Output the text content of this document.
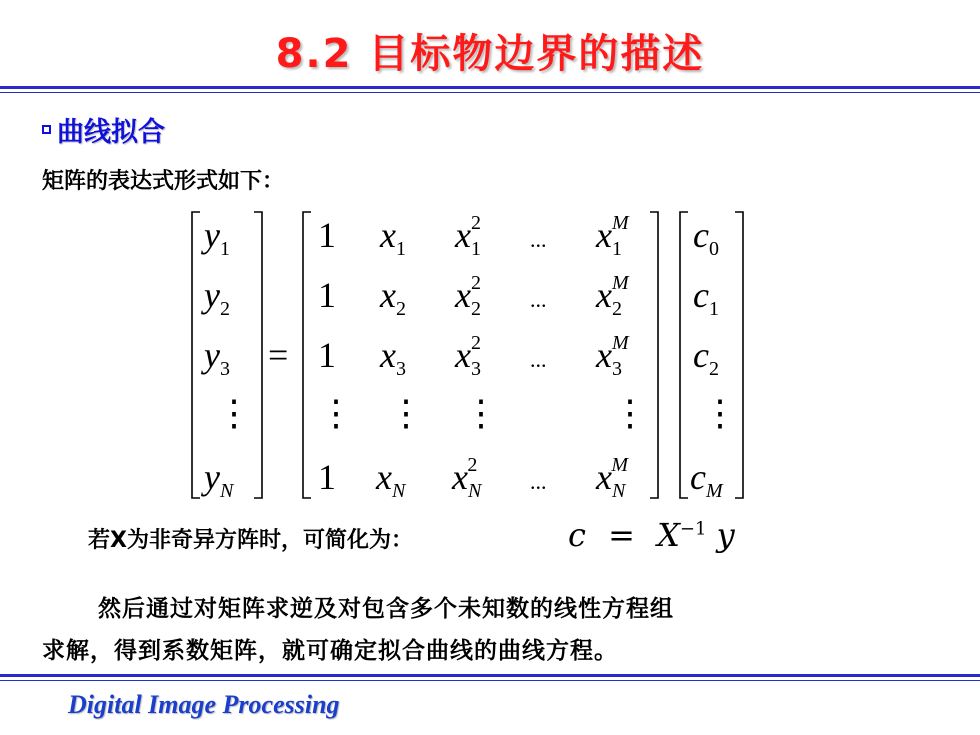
8.2 目标物边界的描述
曲线拟合
矩阵的表达式形式如下：
$y_1$
$y_2$
$y_3$
⋮
$y_N$
=
1 $x_1$ $x_12$
... $x_1M$
1 $x_2$ $x_22$
... $x_2M$
1 $x_3$ $x_32$
... $x_3M$
⋮ ⋮ ⋮	⋮
1 $x_N$ $x_N2$
... $x_NM$
$c_0$
$c_1$
$c_2$
⋮
$c_M$
若X为非奇异方阵时，可简化为：	$c = X^{-1}$ y
然后通过对矩阵求逆及对包含多个未知数的线性方程组
求解，得到系数矩阵，就可确定拟合曲线的曲线方程。
Digital Image Processing
